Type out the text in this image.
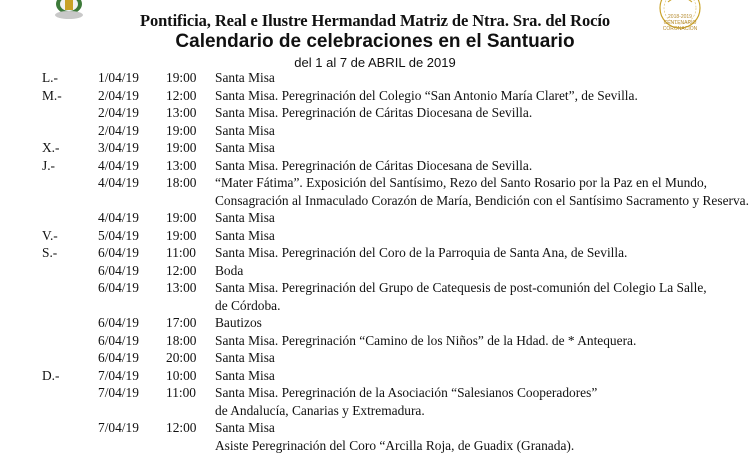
2018-2019
CENTENARIO
CORONACION
Pontificia, Real e Ilustre Hermandad Matriz de Ntra. Sra. del Rocío
Calendario de celebraciones en el Santuario
del 1 al 7 de ABRIL de 2019
L.-	1/04/19 19:00 Santa Misa
M.-	2/04/19 12:00 Santa Misa. Peregrinación del Colegio “San Antonio María Claret”, de Sevilla.
2/04/19 13:00 Santa Misa. Peregrinación de Cáritas Diocesana de Sevilla.
2/04/19 19:00 Santa Misa
X.-	3/04/19 19:00 Santa Misa
J.-	4/04/19 13:00 Santa Misa. Peregrinación de Cáritas Diocesana de Sevilla.
4/04/19 18:00 “Mater Fátima”. Exposición del Santísimo, Rezo del Santo Rosario por la Paz en el Mundo,
Consagración al Inmaculado Corazón de María, Bendición con el Santísimo Sacramento y Reserva.
4/04/19 19:00 Santa Misa
V.-	5/04/19 19:00 Santa Misa
S.-	6/04/19 11:00 Santa Misa. Peregrinación del Coro de la Parroquia de Santa Ana, de Sevilla.
6/04/19 12:00 Boda
6/04/19 13:00 Santa Misa. Peregrinación del Grupo de Catequesis de post-comunión del Colegio La Salle,
de Córdoba.
6/04/19 17:00 Bautizos
6/04/19 18:00 Santa Misa. Peregrinación “Camino de los Niños” de la Hdad. de * Antequera.
6/04/19 20:00 Santa Misa
D.-	7/04/19 10:00 Santa Misa
7/04/19 11:00 Santa Misa. Peregrinación de la Asociación “Salesianos Cooperadores”
de Andalucía, Canarias y Extremadura.
7/04/19 12:00 Santa Misa
Asiste Peregrinación del Coro “Arcilla Roja, de Guadix (Granada).
